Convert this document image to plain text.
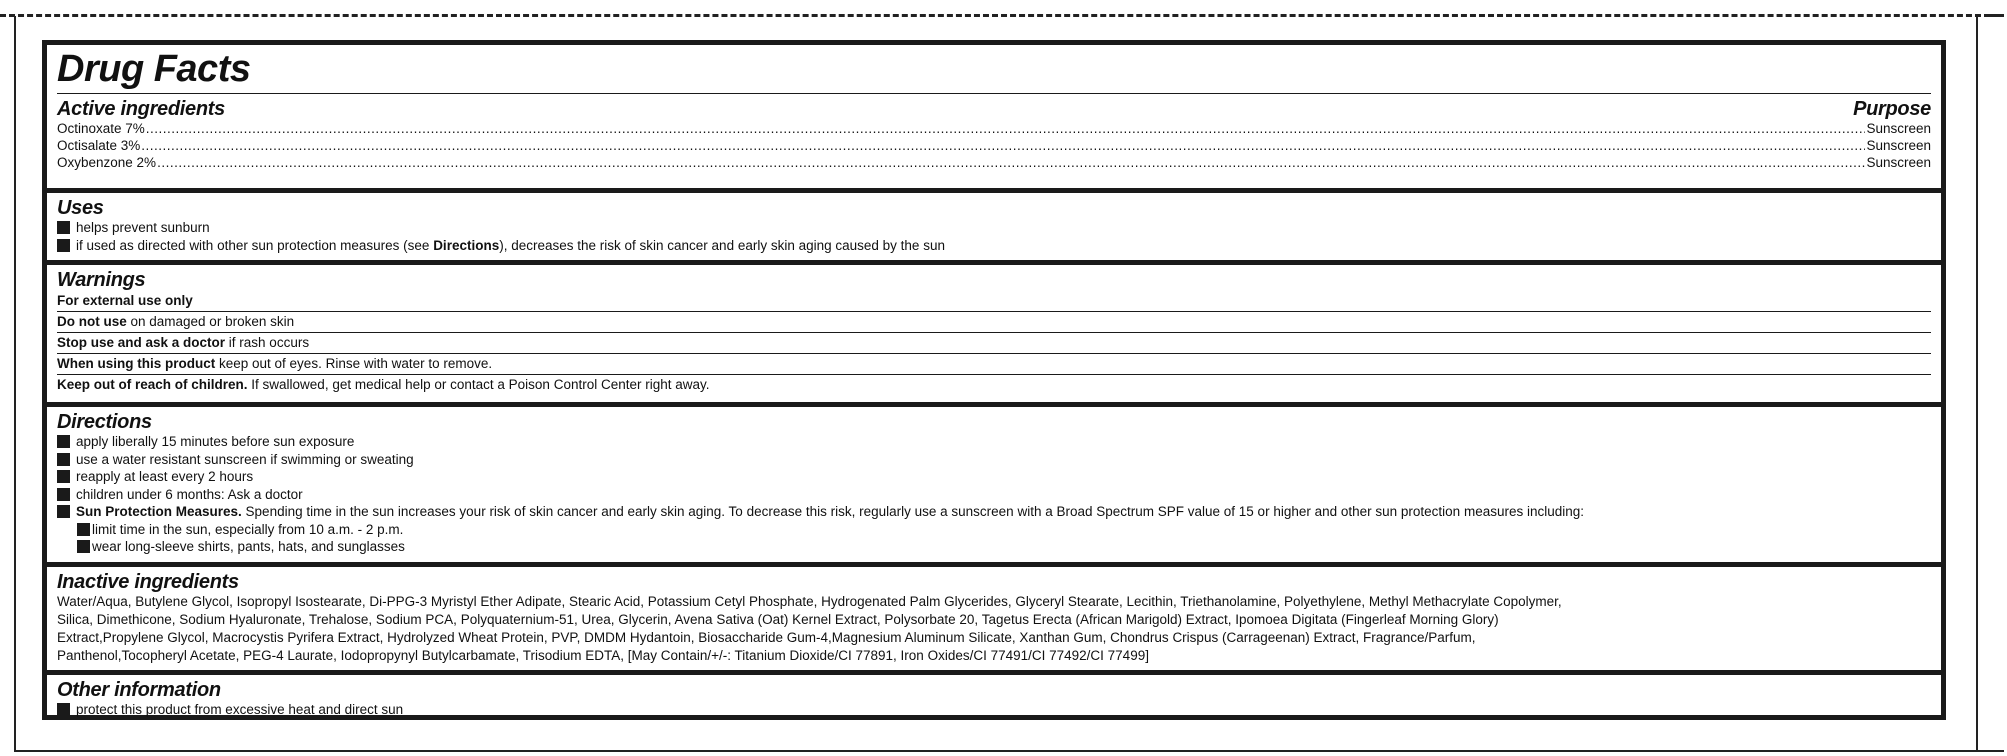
Drug Facts
Active ingredients	Purpose
Octinoxate 7% .....	Sunscreen
Octisalate 3% .....	Sunscreen
Oxybenzone 2% .....	Sunscreen
Uses
helps prevent sunburn
if used as directed with other sun protection measures (see Directions), decreases the risk of skin cancer and early skin aging caused by the sun
Warnings
For external use only
Do not use on damaged or broken skin
Stop use and ask a doctor if rash occurs
When using this product keep out of eyes. Rinse with water to remove.
Keep out of reach of children. If swallowed, get medical help or contact a Poison Control Center right away.
Directions
apply liberally 15 minutes before sun exposure
use a water resistant sunscreen if swimming or sweating
reapply at least every 2 hours
children under 6 months: Ask a doctor
Sun Protection Measures. Spending time in the sun increases your risk of skin cancer and early skin aging. To decrease this risk, regularly use a sunscreen with a Broad Spectrum SPF value of 15 or higher and other sun protection measures including:
limit time in the sun, especially from 10 a.m. - 2 p.m.
wear long-sleeve shirts, pants, hats, and sunglasses
Inactive ingredients
Water/Aqua, Butylene Glycol, Isopropyl Isostearate, Di-PPG-3 Myristyl Ether Adipate, Stearic Acid, Potassium Cetyl Phosphate, Hydrogenated Palm Glycerides, Glyceryl Stearate, Lecithin, Triethanolamine, Polyethylene, Methyl Methacrylate Copolymer,
Silica, Dimethicone, Sodium Hyaluronate, Trehalose, Sodium PCA, Polyquaternium-51, Urea, Glycerin, Avena Sativa (Oat) Kernel Extract, Polysorbate 20, Tagetus Erecta (African Marigold) Extract, Ipomoea Digitata (Fingerleaf Morning Glory)
Extract,Propylene Glycol, Macrocystis Pyrifera Extract, Hydrolyzed Wheat Protein, PVP, DMDM Hydantoin, Biosaccharide Gum-4,Magnesium Aluminum Silicate, Xanthan Gum, Chondrus Crispus (Carrageenan) Extract, Fragrance/Parfum,
Panthenol,Tocopheryl Acetate, PEG-4 Laurate, Iodopropynyl Butylcarbamate, Trisodium EDTA, [May Contain/+/-: Titanium Dioxide/CI 77891, Iron Oxides/CI 77491/CI 77492/CI 77499]
Other information
protect this product from excessive heat and direct sun
